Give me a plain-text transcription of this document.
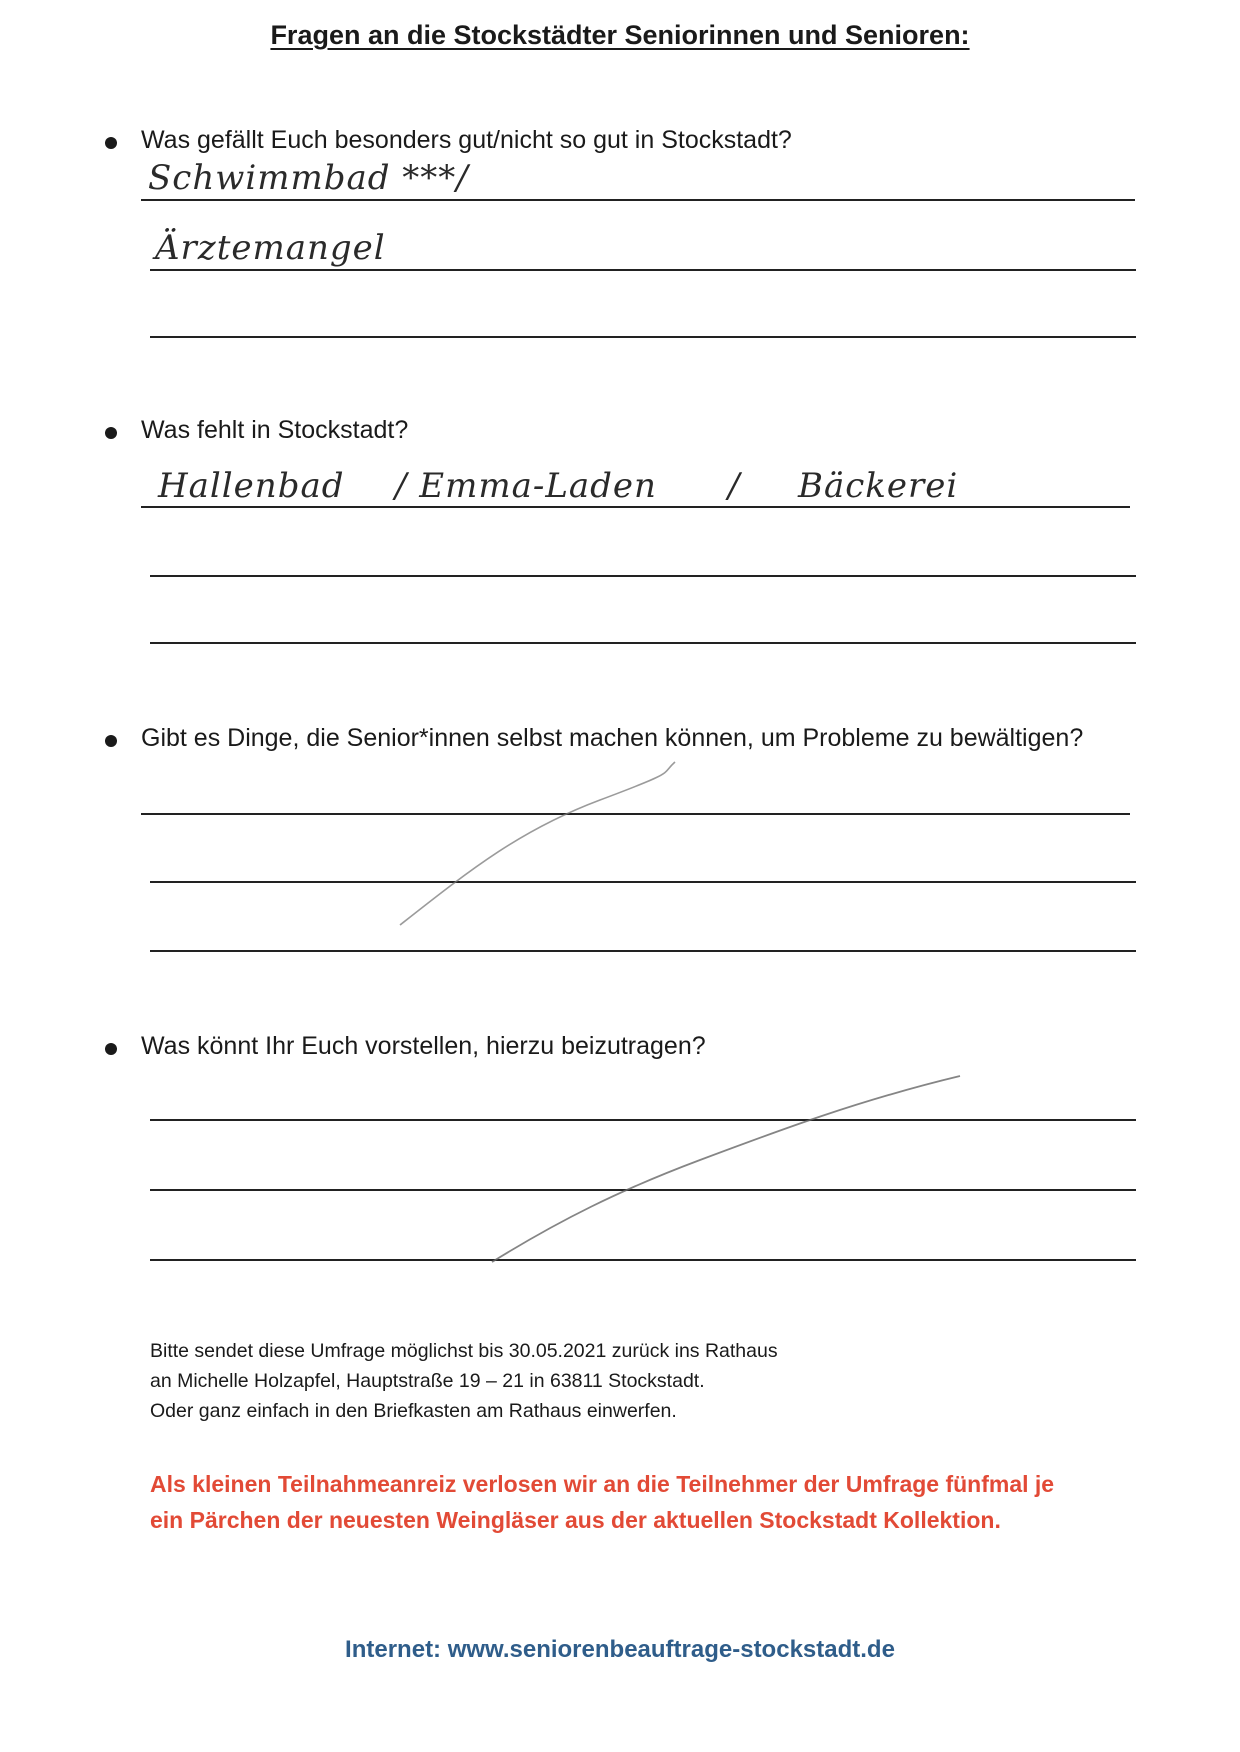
Fragen an die Stockstädter Seniorinnen und Senioren:
Was gefällt Euch besonders gut/nicht so gut in Stockstadt?
Schwimmbad ***/
Ärztemangel
Was fehlt in Stockstadt?
Hallenbad / Emma-Laden / Bäckerei
Gibt es Dinge, die Senior*innen selbst machen können, um Probleme zu bewältigen?
Was könnt Ihr Euch vorstellen, hierzu beizutragen?
Bitte sendet diese Umfrage möglichst bis 30.05.2021 zurück ins Rathaus
an Michelle Holzapfel, Hauptstraße 19 – 21 in 63811 Stockstadt.
Oder ganz einfach in den Briefkasten am Rathaus einwerfen.
Als kleinen Teilnahmeanreiz verlosen wir an die Teilnehmer der Umfrage fünfmal je
ein Pärchen der neuesten Weingläser aus der aktuellen Stockstadt Kollektion.
Internet: www.seniorenbeauftrage-stockstadt.de
